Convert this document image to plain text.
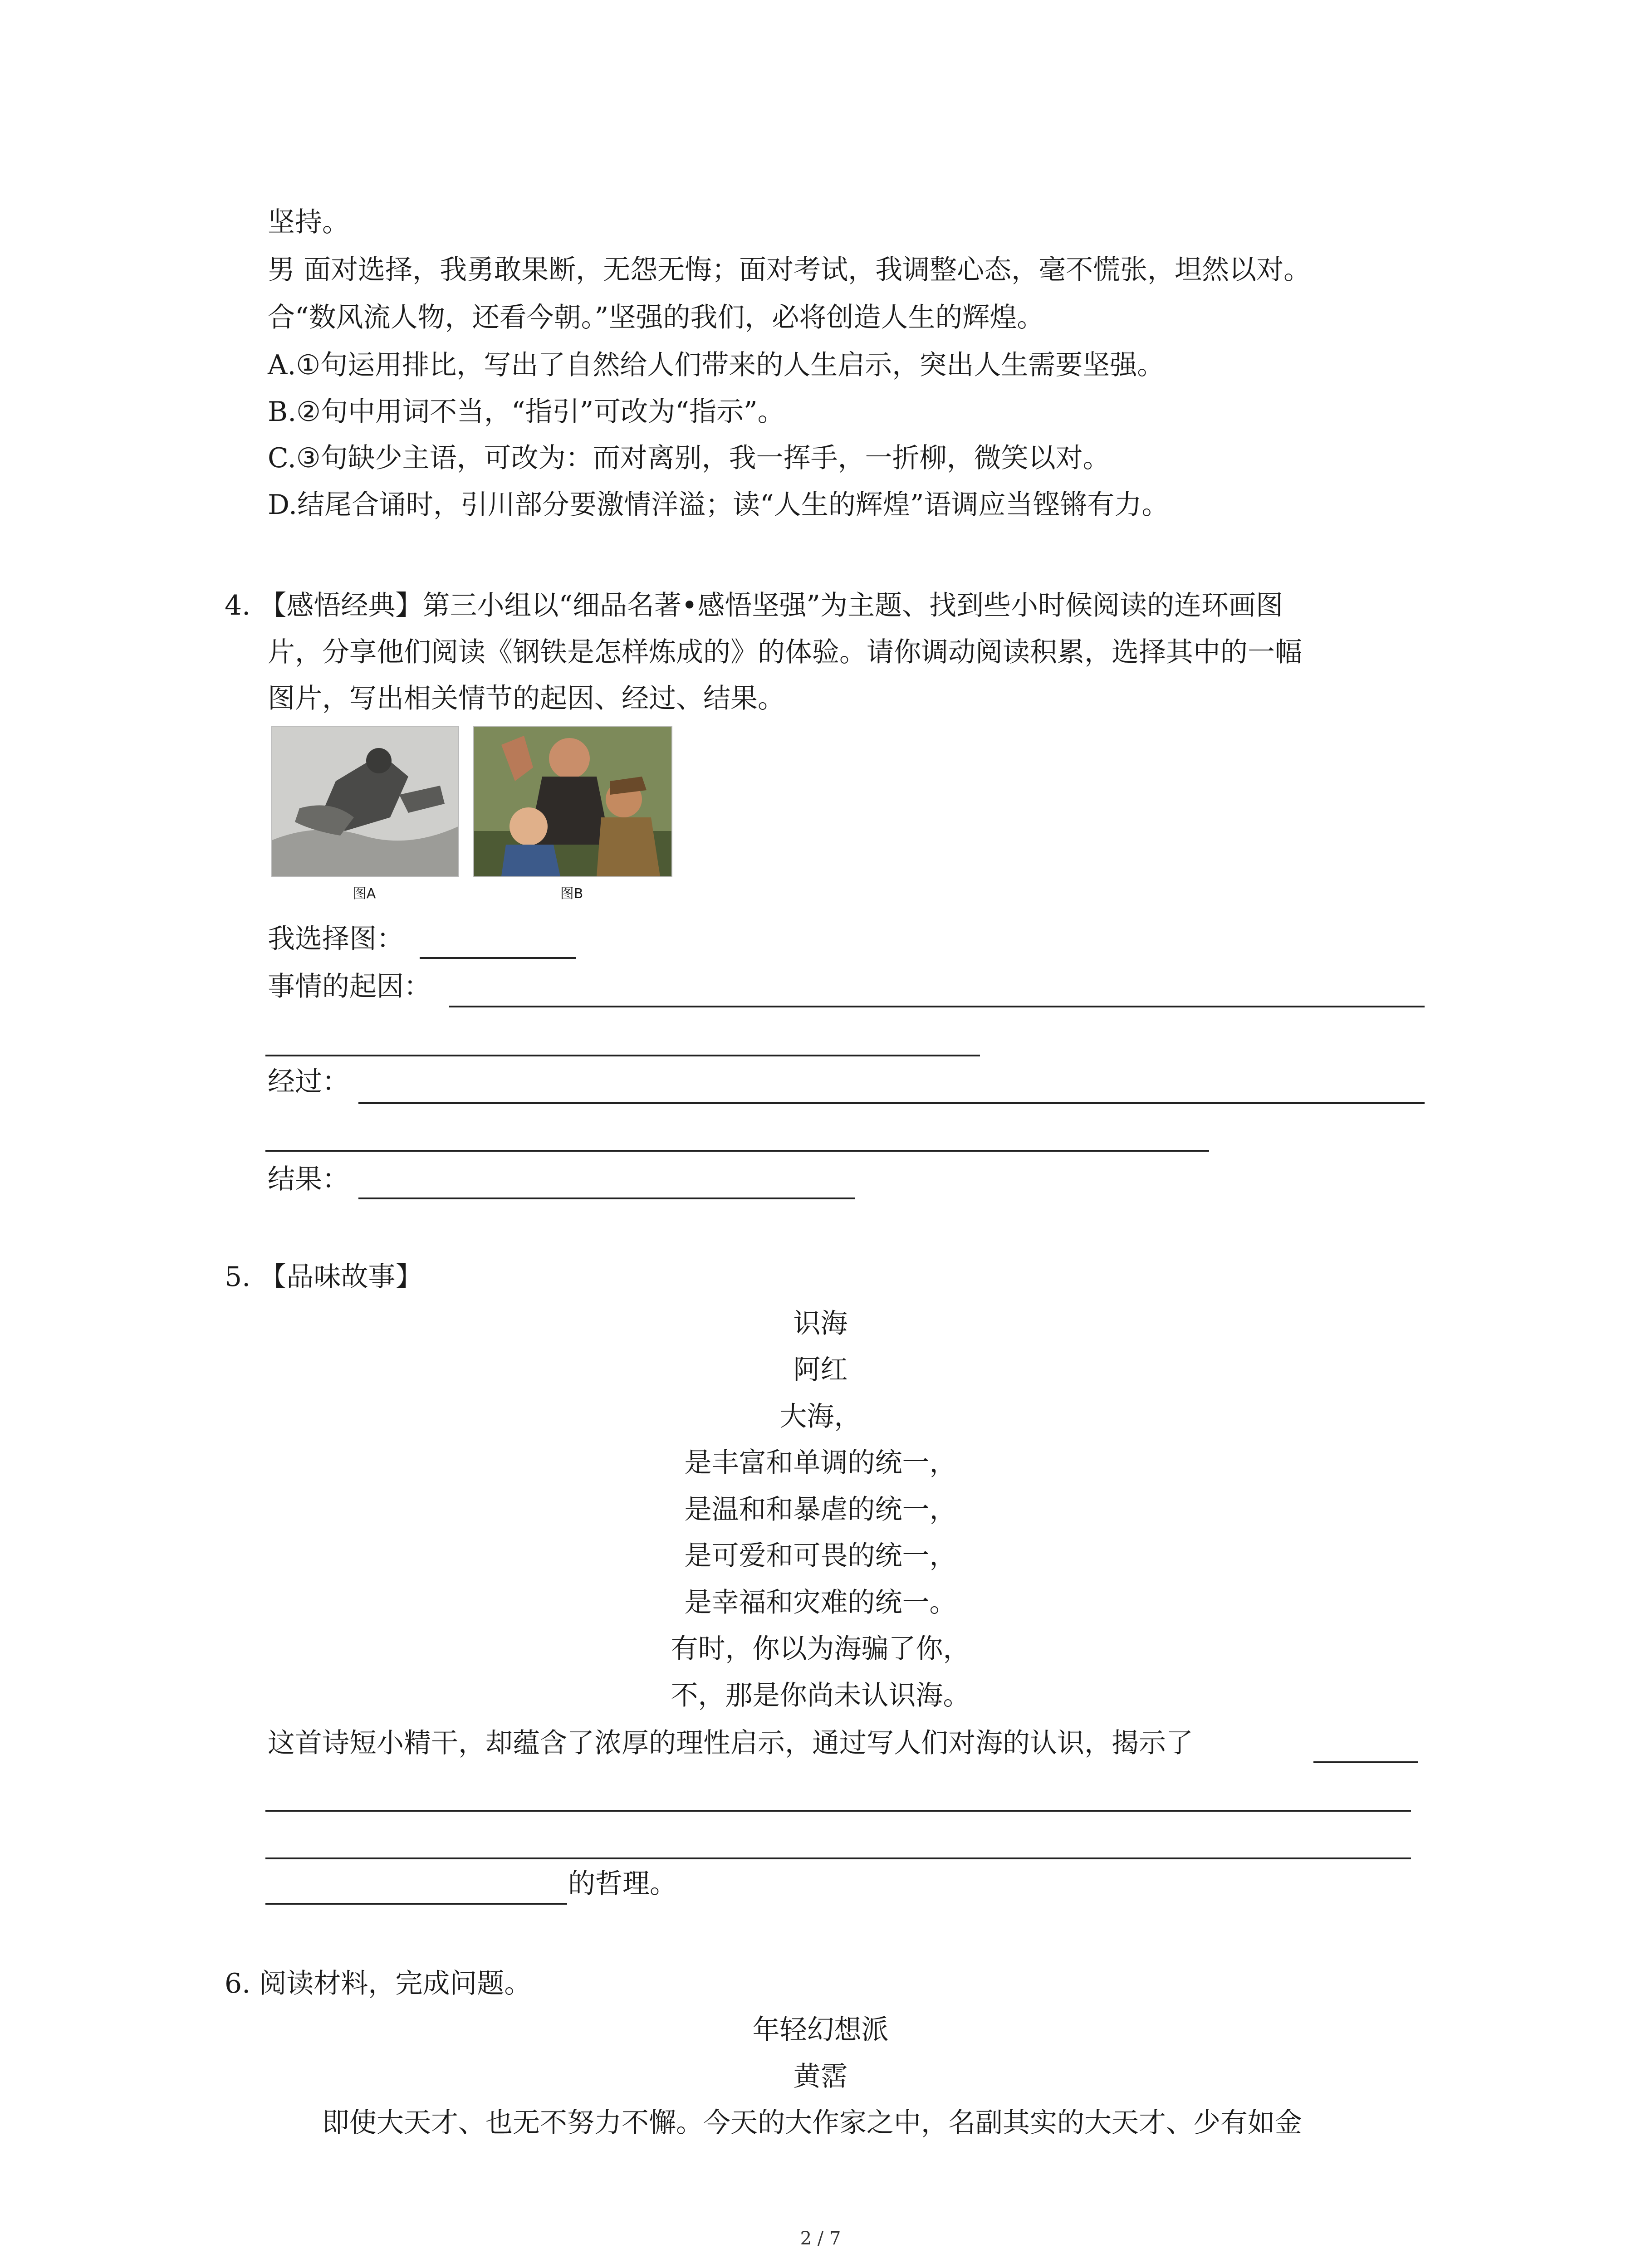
坚持。
男 面对选择，我勇敢果断，无怨无悔；面对考试，我调整心态，毫不慌张，坦然以对。
合“数风流人物，还看今朝。”坚强的我们，必将创造人生的辉煌。
A.①句运用排比，写出了自然给人们带来的人生启示，突出人生需要坚强。
B.②句中用词不当，“指引”可改为“指示”。
C.③句缺少主语，可改为：而对离别，我一挥手，一折柳，微笑以对。
D.结尾合诵时，引川部分要激情洋溢；读“人生的辉煌”语调应当铿锵有力。
4. 【感悟经典】第三小组以“细品名著•感悟坚强”为主题、找到些小时候阅读的连环画图
片，分享他们阅读《钢铁是怎样炼成的》的体验。请你调动阅读积累，选择其中的一幅
图片，写出相关情节的起因、经过、结果。
图A	图B
我选择图：
事情的起因：
经过：
结果：
5. 【品味故事】
识海
阿红
大海，
是丰富和单调的统一，
是温和和暴虐的统一，
是可爱和可畏的统一，
是幸福和灾难的统一。
有时，你以为海骗了你，
不，那是你尚未认识海。
这首诗短小精干，却蕴含了浓厚的理性启示，通过写人们对海的认识，揭示了
的哲理。
6. 阅读材料，完成问题。
年轻幻想派
黄霑
即使大天才、也无不努力不懈。今天的大作家之中，名副其实的大天才、少有如金
2 / 7
